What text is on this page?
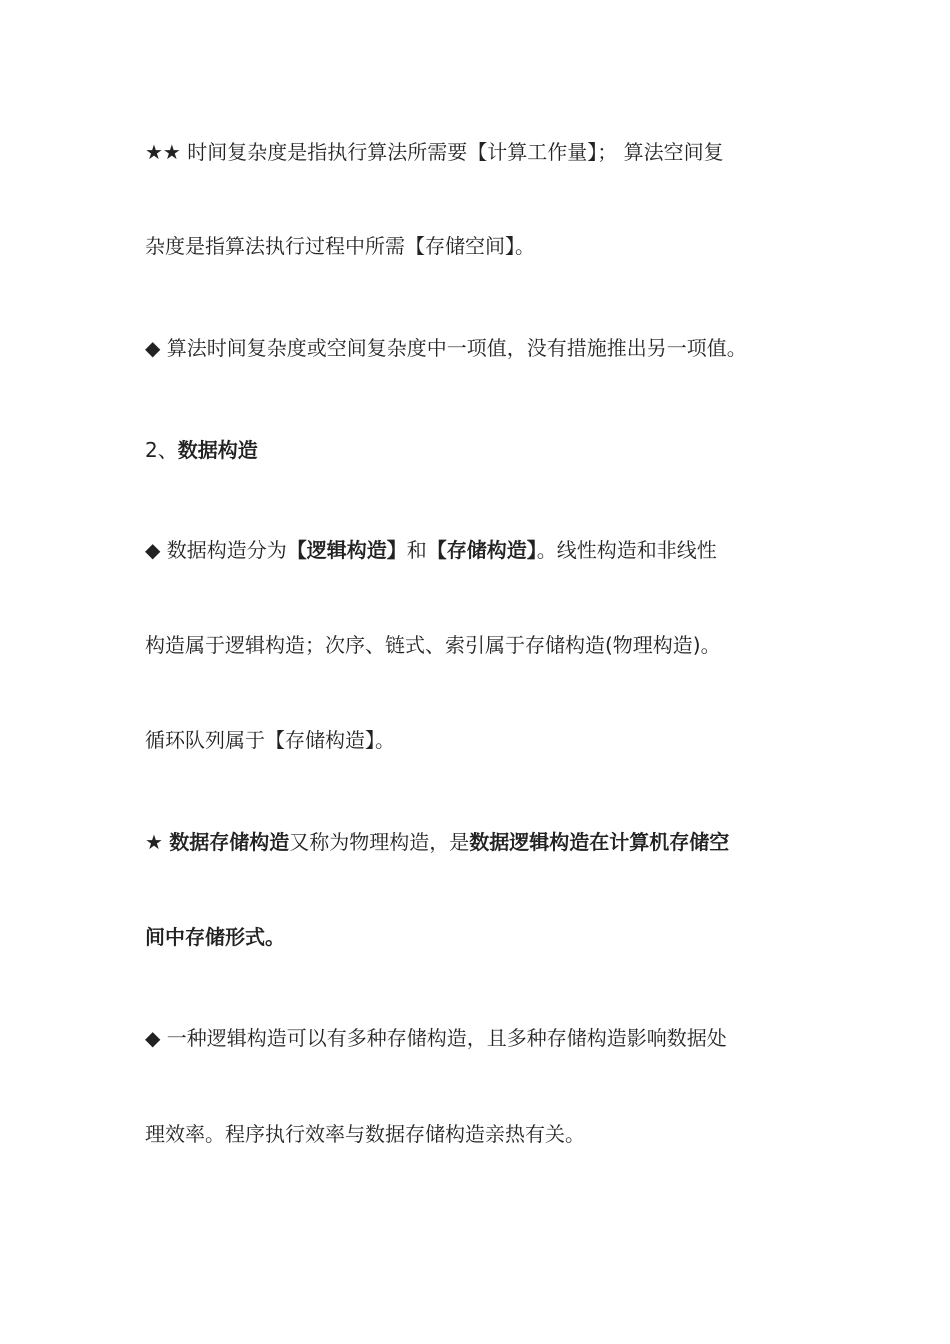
★★ 时间复杂度是指执行算法所需要【计算工作量】； 算法空间复
杂度是指算法执行过程中所需【存储空间】。
◆ 算法时间复杂度或空间复杂度中一项值，没有措施推出另一项值。
2、数据构造
◆ 数据构造分为【逻辑构造】和【存储构造】。线性构造和非线性
构造属于逻辑构造；次序、链式、索引属于存储构造(物理构造)。
循环队列属于【存储构造】。
★ 数据存储构造又称为物理构造，是数据逻辑构造在计算机存储空
间中存储形式。
◆ 一种逻辑构造可以有多种存储构造，且多种存储构造影响数据处
理效率。程序执行效率与数据存储构造亲热有关。
